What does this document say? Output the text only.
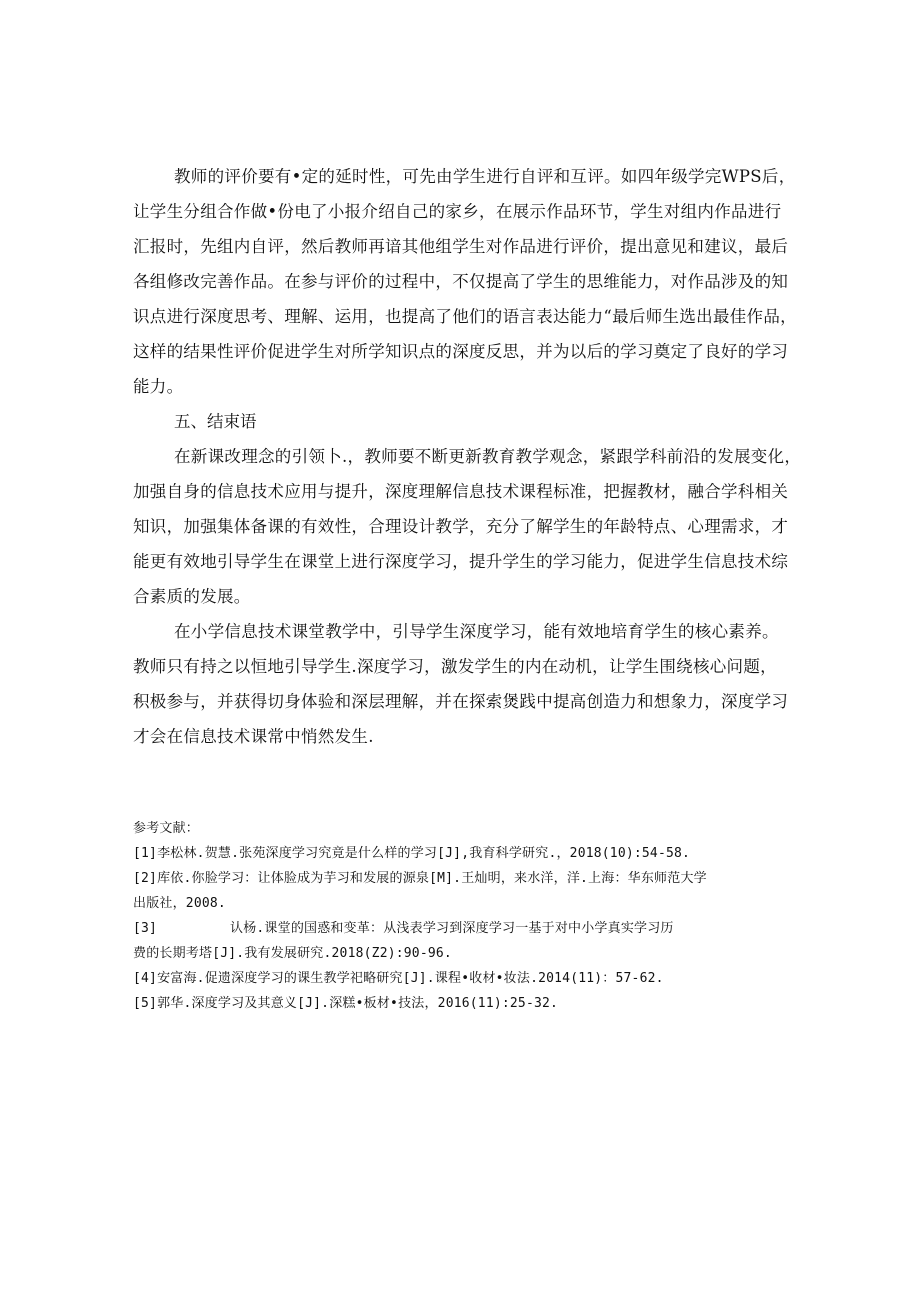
教师的评价要有•定的延时性，可先由学生进行自评和互评。如四年级学完WPS后，
让学生分组合作做•份电了小报介绍自己的家乡，在展示作品环节，学生对组内作品进行
汇报时，先组内自评，然后教师再谙其他组学生对作品进行评价，提出意见和建议，最后
各组修改完善作品。在参与评价的过程中，不仅提高了学生的思维能力，对作品涉及的知
识点进行深度思考、理解、运用，也提高了他们的语言表达能力“最后师生选出最佳作品，
这样的结果性评价促进学生对所学知识点的深度反思，并为以后的学习奠定了良好的学习
能力。
五、结束语
在新课改理念的引领卜.，教师要不断更新教育教学观念，紧跟学科前沿的发展变化，
加强自身的信息技术应用与提升，深度理解信息技术课程标准，把握教材，融合学科相关
知识，加强集体备课的有效性，合理设计教学，充分了解学生的年龄特点、心理需求，才
能更有效地引导学生在课堂上进行深度学习，提升学生的学习能力，促进学生信息技术综
合素质的发展。
在小学信息技术课堂教学中，引导学生深度学习，能有效地培育学生的核心素养。
教师只有持之以恒地引导学生.深度学习，激发学生的内在动机，让学生围绕核心问题，
积极参与，并获得切身体验和深层理解，并在探索煲践中提高创造力和想象力，深度学习
才会在信息技术课常中悄然发生.
参考文献：
[1]李松林.贺慧.张苑深度学习究竟是什么样的学习[J],我育科学研究.，2018(10):54-58.
[2]库依.你脸学习：让体脸成为芋习和发展的源泉[M].王灿明，来水洋，洋.上海：华东师范大学
出版社，2008.
[3]	认杨.课堂的国惑和变革：从浅表学习到深度学习一基于对中小学真实学习历
费的长期考塔[J].我有发展研究.2018(Z2):90-96.
[4]安富海.促遗深度学习的课生教学祀略研究[J].课程•收材•妆法.2014(11)：57-62.
[5]郭华.深度学习及其意义[J].深糕•板材•技法，2016(11):25-32.
